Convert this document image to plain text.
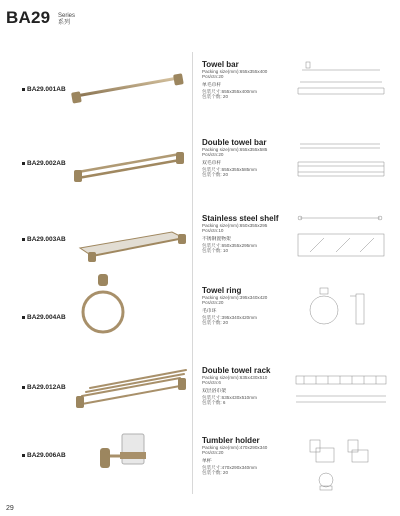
BA29 Series
系列
BA29.001AB
Towel bar
Packing size(mm):655x355x400
Pcs/ctn:20
单毛巾杆
包装尺寸:655x355x400mm
包装个数: 20
BA29.002AB
Double towel bar
Packing size(mm):655x355x585
Pcs/ctn:20
双毛巾杆
包装尺寸:655x355x585mm
包装个数: 20
BA29.003AB
Stainless steel shelf
Packing size(mm):650x355x295
Pcs/ctn:10
不锈钢置物架
包装尺寸:650x355x295mm
包装个数: 10
BA29.004AB
Towel ring
Packing size(mm):395x340x420
Pcs/ctn:20
毛巾环
包装尺寸:395x340x420mm
包装个数: 20
BA29.012AB
Double towel rack
Packing size(mm):635x430x510
Pcs/ctn:6
双层浴巾架
包装尺寸:635x430x510mm
包装个数: 6
BA29.006AB
Tumbler holder
Packing size(mm):470x290x340
Pcs/ctn:20
单杯
包装尺寸:470x290x340mm
包装个数: 20
29
